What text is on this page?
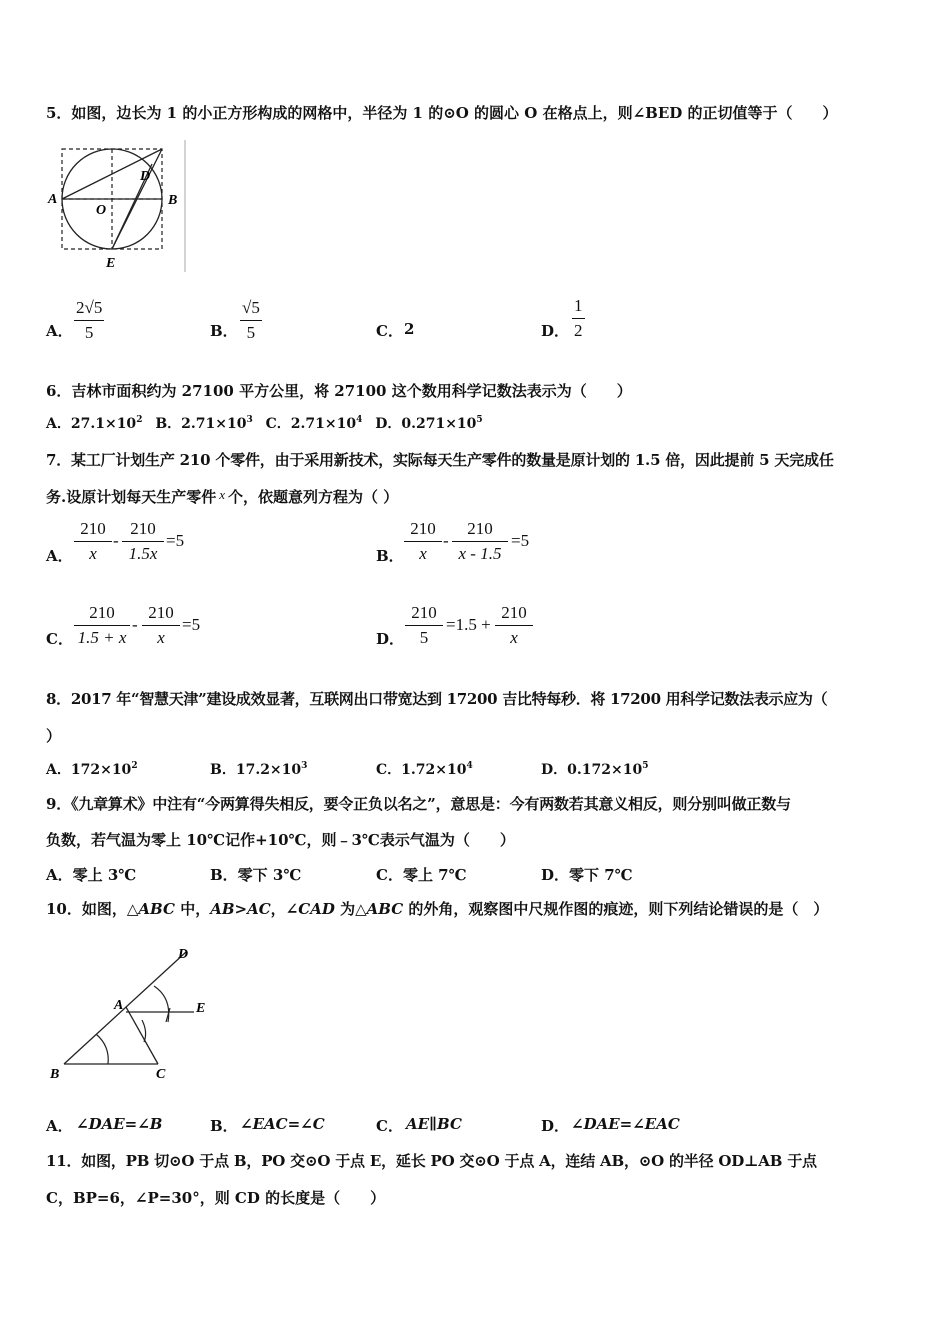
5．如图，边长为 1 的小正方形构成的网格中，半径为 1 的⊙O 的圆心 O 在格点上，则∠BED 的正切值等于（　　）
A	B
D
O
E
A． $\frac{2√5}{5}$	B． $\frac{√5}{5}$	C． 2	D． $\frac{1}{2}$
6．吉林市面积约为 27100 平方公里，将 27100 这个数用科学记数法表示为（　　）
A．$27.1\times 10^2$ B．$2.71\times 10^3$ C．$2.71\times 10^4$ D．$0.271\times 10^5$
7．某工厂计划生产 210 个零件，由于采用新技术，实际每天生产零件的数量是原计划的 1.5 倍，因此提前 5 天完成任
务.设原计划每天生产零件 x 个，依题意列方程为（ ）
A． $\frac{210}{x} - \frac{210}{1.5x} =5$
B． $\frac{210}{x} - \frac{210}{x - 1.5} =5$
C． $\frac{210}{1.5 + x} - \frac{210}{x} =5$
D． $\frac{210}{5} =1.5 + \frac{210}{x}$
8．2017 年“智慧天津”建设成效显著，互联网出口带宽达到 17200 吉比特每秒．将 17200 用科学记数法表示应为（
）
A．$172\times 10^2$	B．$17.2\times 10^3$	C．$1.72\times 10^4$	D．$0.172\times 10^5$
9．《九章算术》中注有“今两算得失相反，要令正负以名之”，意思是：今有两数若其意义相反，则分别叫做正数与
负数，若气温为零上 10℃记作+10℃，则﹣3℃表示气温为（　　）
A．零上 3℃	B．零下 3℃	C．零上 7℃	D．零下 7℃
10．如图，△ABC 中，AB>AC，∠CAD 为△ABC 的外角，观察图中尺规作图的痕迹，则下列结论错误的是（　）
A
B	C
D
E
A． ∠DAE=∠B	B． ∠EAC=∠C	C． AE∥BC	D． ∠DAE=∠EAC
11．如图，PB 切⊙O 于点 B，PO 交⊙O 于点 E，延长 PO 交⊙O 于点 A，连结 AB，⊙O 的半径 OD⊥AB 于点
C，BP=6，∠P=30°，则 CD 的长度是（　　）
